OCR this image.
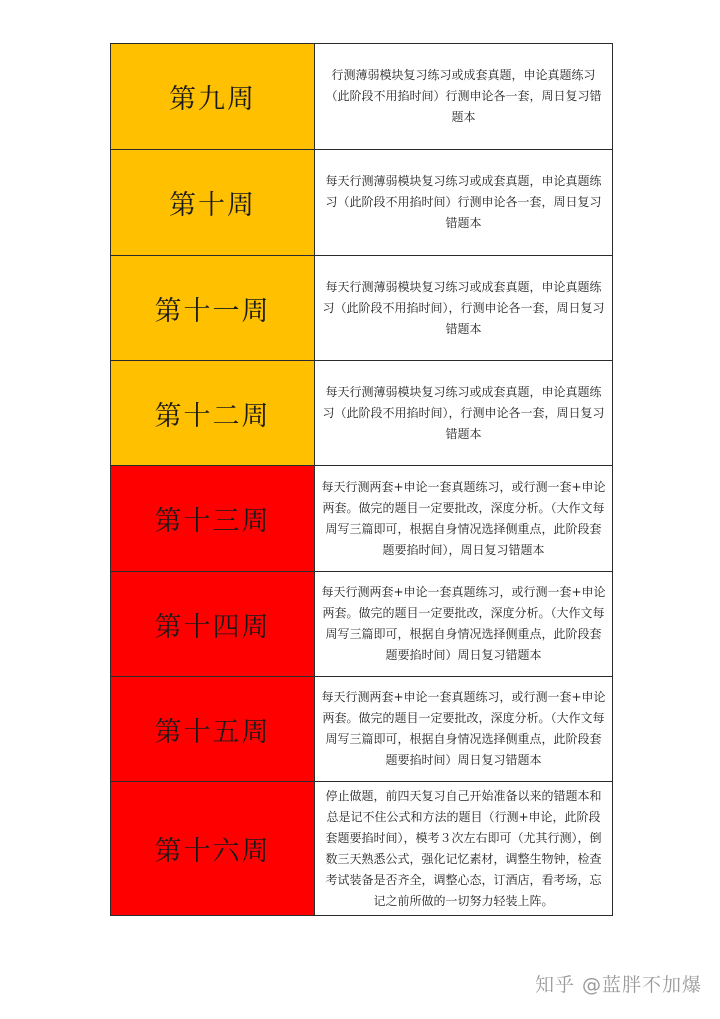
第九周	行测薄弱模块复习练习或成套真题，申论真题练习（此阶段不用掐时间）行测申论各一套，周日复习错题本
第十周	每天行测薄弱模块复习练习或成套真题，申论真题练习（此阶段不用掐时间）行测申论各一套，周日复习错题本
第十一周	每天行测薄弱模块复习练习或成套真题，申论真题练习（此阶段不用掐时间），行测申论各一套，周日复习错题本
第十二周	每天行测薄弱模块复习练习或成套真题，申论真题练习（此阶段不用掐时间），行测申论各一套，周日复习错题本
第十三周	每天行测两套+申论一套真题练习，或行测一套+申论两套。做完的题目一定要批改，深度分析。（大作文每周写三篇即可，根据自身情况选择侧重点，此阶段套题要掐时间），周日复习错题本
第十四周	每天行测两套+申论一套真题练习，或行测一套+申论两套。做完的题目一定要批改，深度分析。（大作文每周写三篇即可，根据自身情况选择侧重点，此阶段套题要掐时间）周日复习错题本
第十五周	每天行测两套+申论一套真题练习，或行测一套+申论两套。做完的题目一定要批改，深度分析。（大作文每周写三篇即可，根据自身情况选择侧重点，此阶段套题要掐时间）周日复习错题本
第十六周	停止做题，前四天复习自己开始准备以来的错题本和总是记不住公式和方法的题目（行测+申论，此阶段套题要掐时间），模考３次左右即可（尤其行测），倒数三天熟悉公式，强化记忆素材，调整生物钟，检查考试装备是否齐全，调整心态，订酒店，看考场，忘记之前所做的一切努力轻装上阵。
知乎 @蓝胖不加爆
